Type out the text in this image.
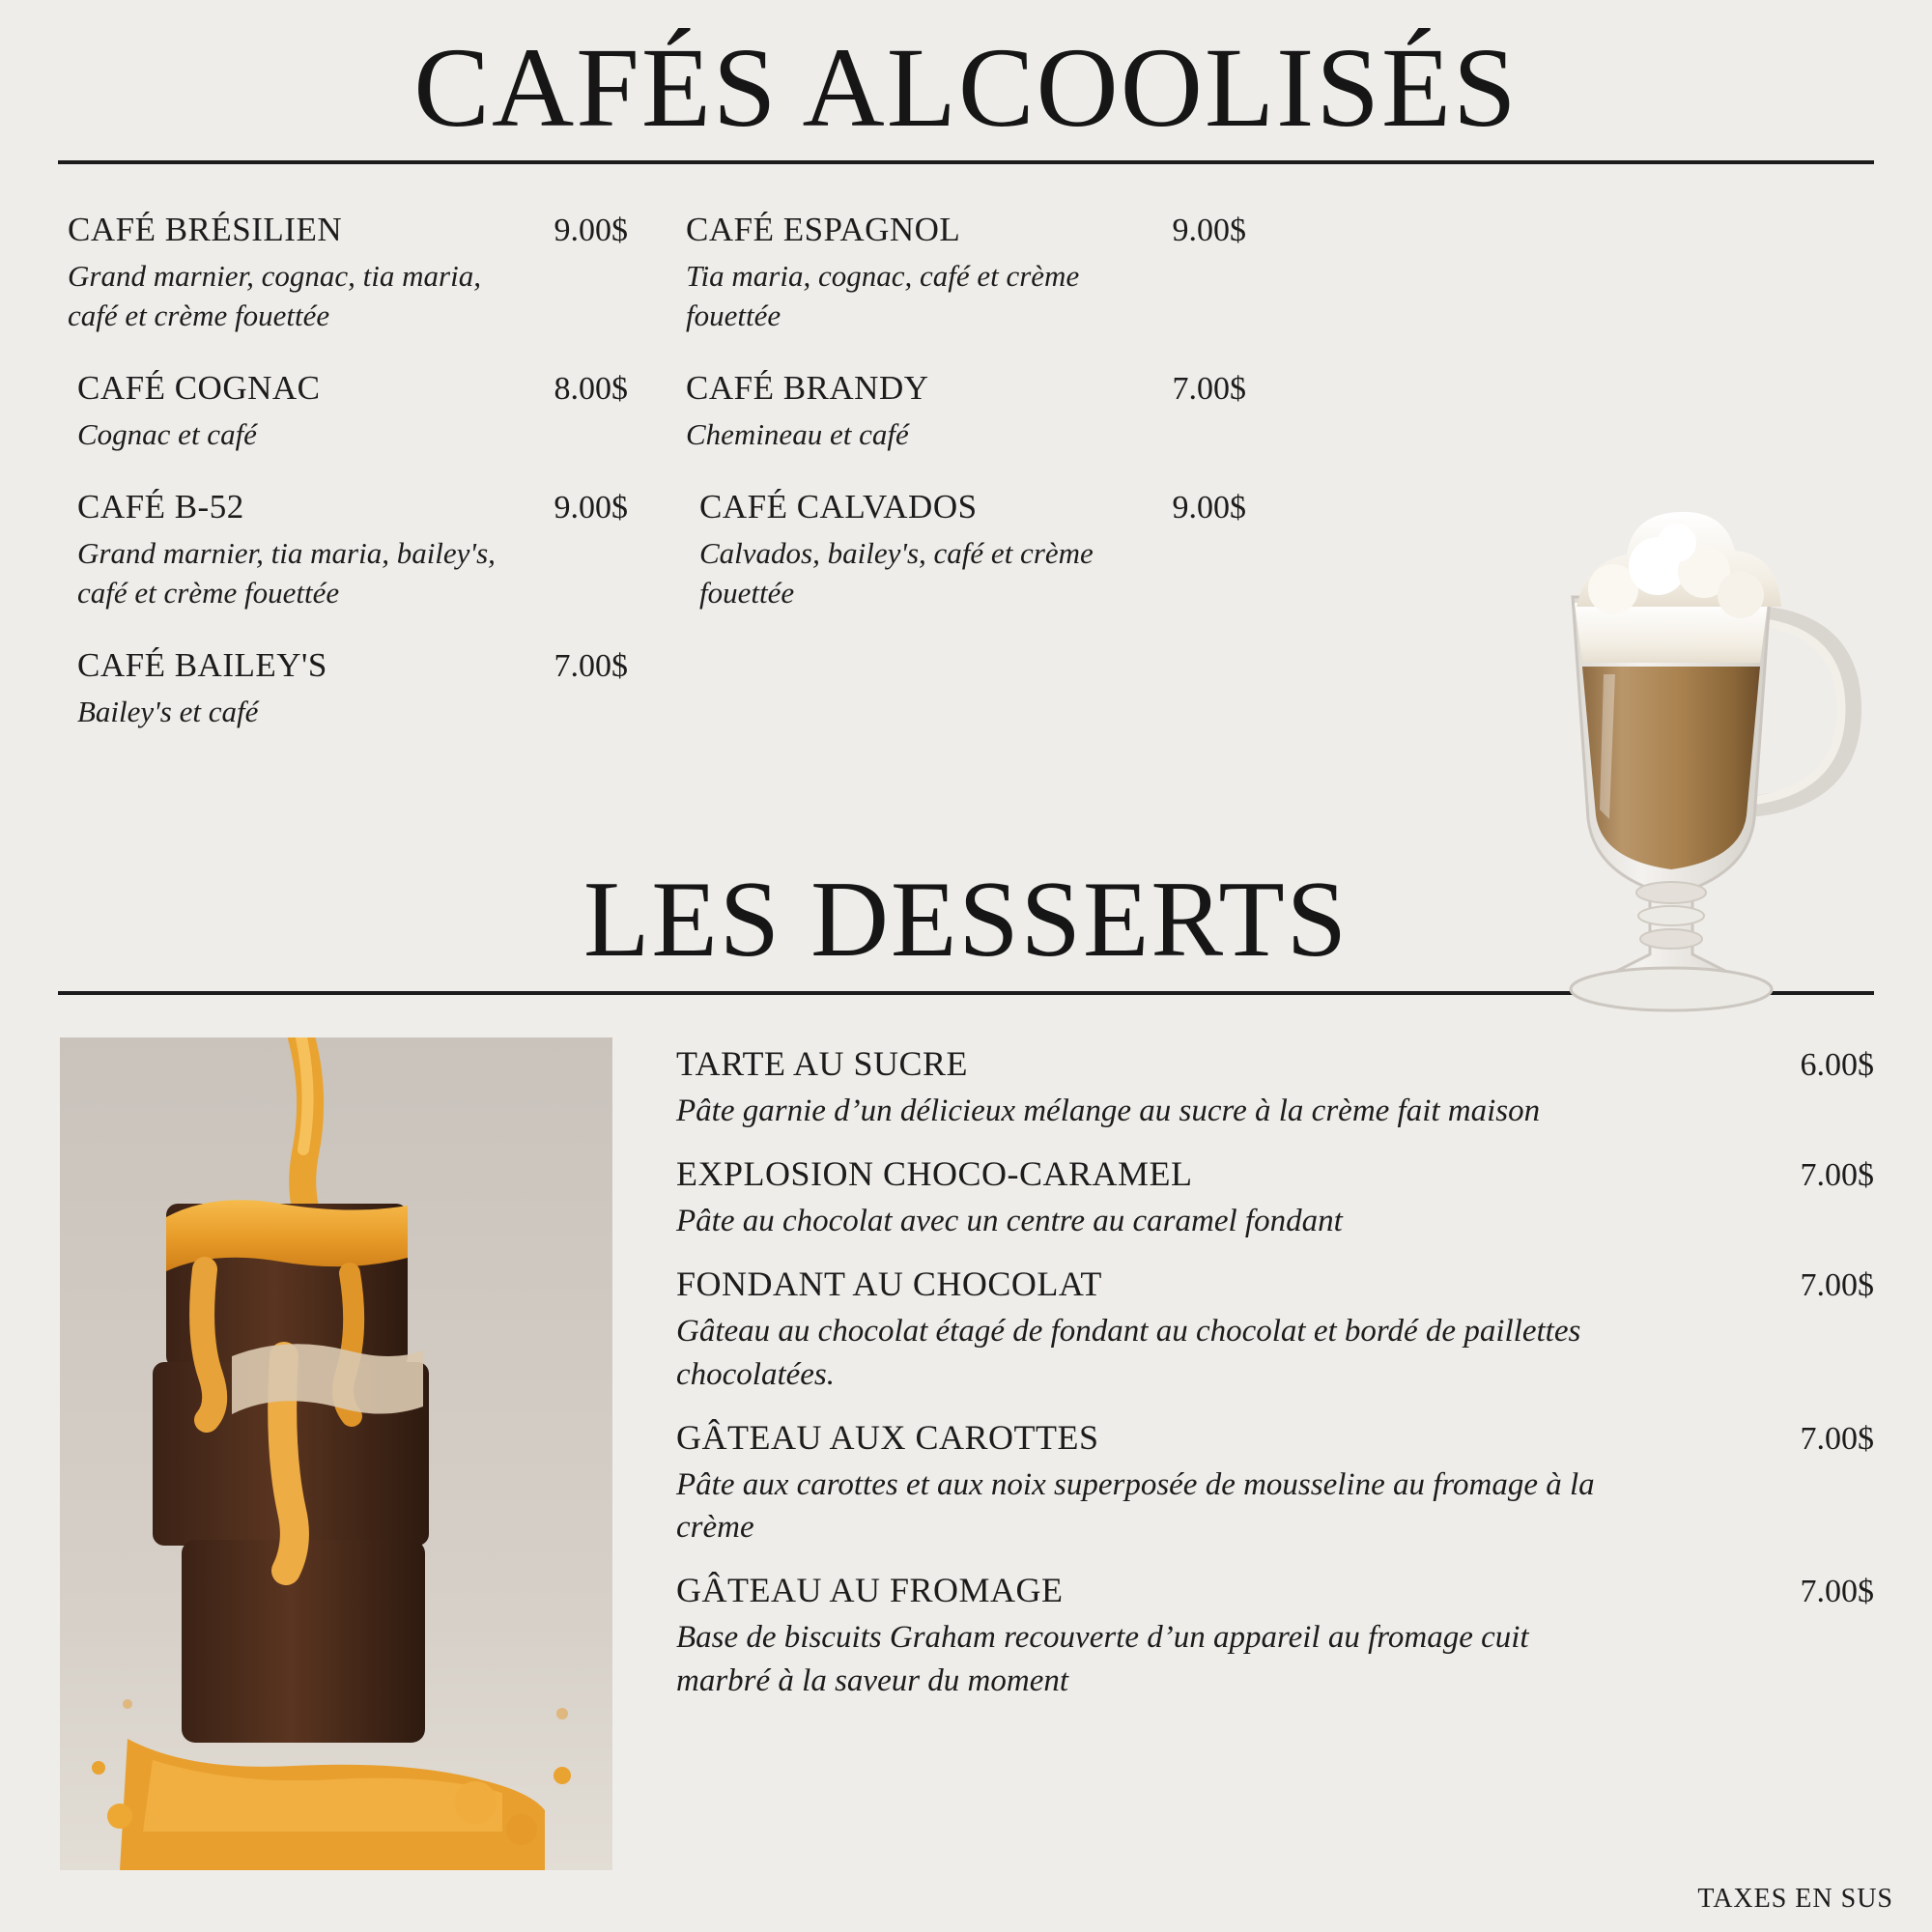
CAFÉS ALCOOLISÉS
CAFÉ BRÉSILIEN	9.00$
Grand marnier, cognac, tia maria, café et crème fouettée
CAFÉ COGNAC	8.00$
Cognac et café
CAFÉ B-52	9.00$
Grand marnier, tia maria, bailey's, café et crème fouettée
CAFÉ BAILEY'S	7.00$
Bailey's et café
CAFÉ ESPAGNOL	9.00$
Tia maria, cognac, café et crème fouettée
CAFÉ BRANDY	7.00$
Chemineau et café
CAFÉ CALVADOS	9.00$
Calvados, bailey's, café et crème fouettée
LES DESSERTS
TARTE AU SUCRE	6.00$
Pâte garnie d’un délicieux mélange au sucre à la crème fait maison
EXPLOSION CHOCO-CARAMEL	7.00$
Pâte au chocolat avec un centre au caramel fondant
FONDANT AU CHOCOLAT	7.00$
Gâteau au chocolat étagé de fondant au chocolat et bordé de paillettes chocolatées.
GÂTEAU AUX CAROTTES	7.00$
Pâte aux carottes et aux noix superposée de mousseline au fromage à la crème
GÂTEAU AU FROMAGE	7.00$
Base de biscuits Graham recouverte d’un appareil au fromage cuit marbré à la saveur du moment
TAXES EN SUS
